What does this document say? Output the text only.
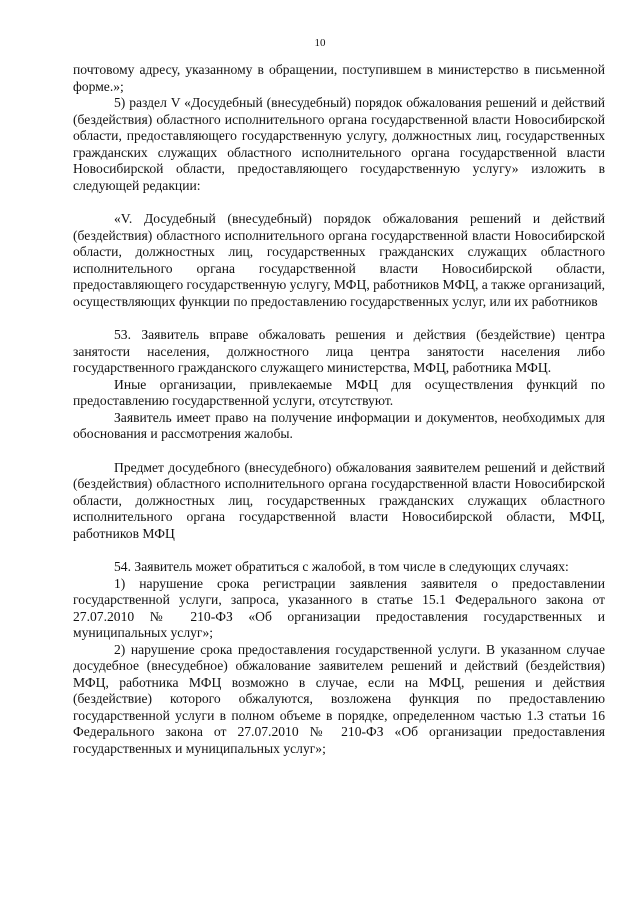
10

почтовому адресу, указанному в обращении, поступившем в министерство в письменной форме.»;

5) раздел V «Досудебный (внесудебный) порядок обжалования решений и действий (бездействия) областного исполнительного органа государственной власти Новосибирской области, предоставляющего государственную услугу, должностных лиц, государственных гражданских служащих областного исполнительного органа государственной власти Новосибирской области, предоставляющего государственную услугу» изложить в следующей редакции:

«V. Досудебный (внесудебный) порядок обжалования решений и действий (бездействия) областного исполнительного органа государственной власти Новосибирской области, должностных лиц, государственных гражданских служащих областного исполнительного органа государственной власти Новосибирской области, предоставляющего государственную услугу, МФЦ, работников МФЦ, а также организаций, осуществляющих функции по предоставлению государственных услуг, или их работников

53. Заявитель вправе обжаловать решения и действия (бездействие) центра занятости населения, должностного лица центра занятости населения либо государственного гражданского служащего министерства, МФЦ, работника МФЦ.

Иные организации, привлекаемые МФЦ для осуществления функций по предоставлению государственной услуги, отсутствуют.

Заявитель имеет право на получение информации и документов, необходимых для обоснования и рассмотрения жалобы.

Предмет досудебного (внесудебного) обжалования заявителем решений и действий (бездействия) областного исполнительного органа государственной власти Новосибирской области, должностных лиц, государственных гражданских служащих областного исполнительного органа государственной власти Новосибирской области, МФЦ, работников МФЦ

54. Заявитель может обратиться с жалобой, в том числе в следующих случаях:

1) нарушение срока регистрации заявления заявителя о предоставлении государственной услуги, запроса, указанного в статье 15.1 Федерального закона от 27.07.2010 № 210-ФЗ «Об организации предоставления государственных и муниципальных услуг»;

2) нарушение срока предоставления государственной услуги. В указанном случае досудебное (внесудебное) обжалование заявителем решений и действий (бездействия) МФЦ, работника МФЦ возможно в случае, если на МФЦ, решения и действия (бездействие) которого обжалуются, возложена функция по предоставлению государственной услуги в полном объеме в порядке, определенном частью 1.3 статьи 16 Федерального закона от 27.07.2010 № 210-ФЗ «Об организации предоставления государственных и муниципальных услуг»;
